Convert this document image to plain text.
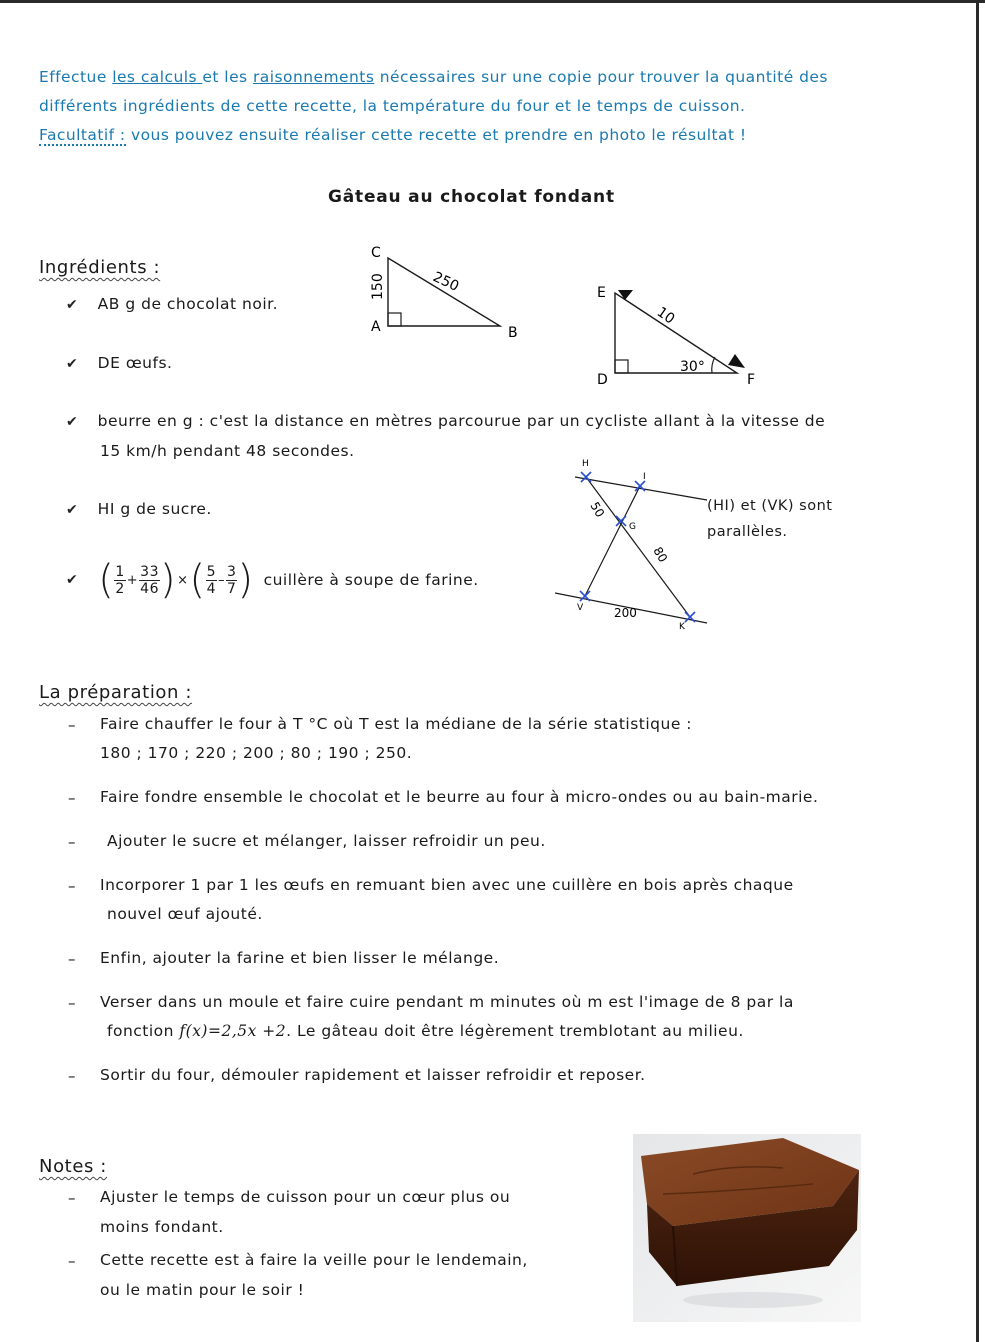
Effectue les calculs et les raisonnements nécessaires sur une copie pour trouver la quantité des
différents ingrédients de cette recette, la température du four et le temps de cuisson.
Facultatif : vous pouvez ensuite réaliser cette recette et prendre en photo le résultat !
Gâteau au chocolat fondant
Ingrédients :
✔ AB g de chocolat noir.
✔ DE œufs.
✔ beurre en g : c'est la distance en mètres parcourue par un cycliste allant à la vitesse de
15 km/h pendant 48 secondes.
✔ HI g de sucre.
✔ ( $\frac{1}{2} + \frac{33}{46}$ ) × ( $\frac{5}{4} - \frac{3}{7}$ ) cuillère à soupe de farine.
C
A	B
150	250	E
D	F
10
30°
H
I
G
V
K
50
80
200
(HI) et (VK) sont
parallèles.
La préparation :
– Faire chauffer le four à T °C où T est la médiane de la série statistique :
180 ; 170 ; 220 ; 200 ; 80 ; 190 ; 250.
– Faire fondre ensemble le chocolat et le beurre au four à micro-ondes ou au bain-marie.
– Ajouter le sucre et mélanger, laisser refroidir un peu.
– Incorporer 1 par 1 les œufs en remuant bien avec une cuillère en bois après chaque
nouvel œuf ajouté.
– Enfin, ajouter la farine et bien lisser le mélange.
– Verser dans un moule et faire cuire pendant m minutes où m est l'image de 8 par la
fonction f(x)=2,5x +2. Le gâteau doit être légèrement tremblotant au milieu.
– Sortir du four, démouler rapidement et laisser refroidir et reposer.
Notes :
– Ajuster le temps de cuisson pour un cœur plus ou
moins fondant.
– Cette recette est à faire la veille pour le lendemain,
ou le matin pour le soir !
